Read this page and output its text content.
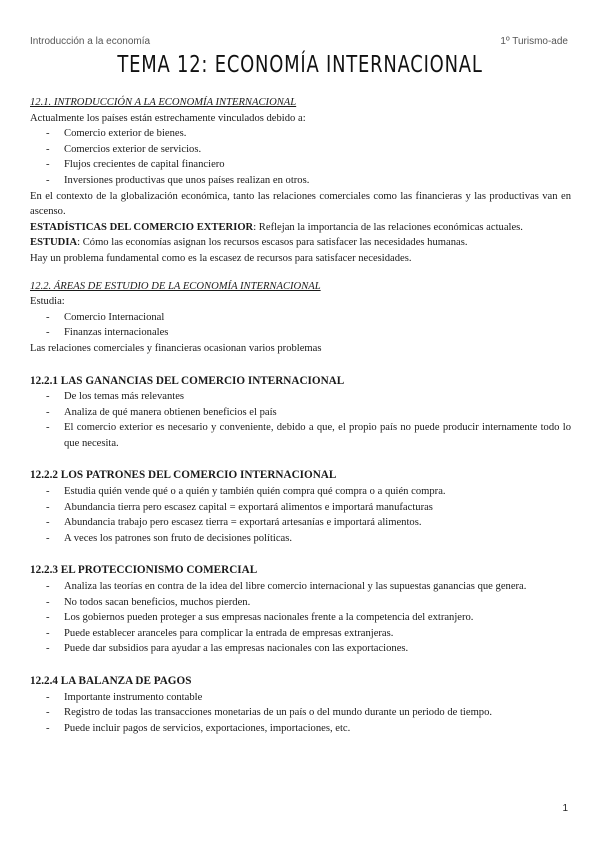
Introducción a la economía	1º Turismo-ade
TEMA 12: ECONOMÍA INTERNACIONAL

12.1. INTRODUCCIÓN A LA ECONOMÍA INTERNACIONAL

Actualmente los países están estrechamente vinculados debido a:

- Comercio exterior de bienes.
- Comercios exterior de servicios.
- Flujos crecientes de capital financiero
- Inversiones productivas que unos países realizan en otros.

En el contexto de la globalización económica, tanto las relaciones comerciales como las financieras y las productivas van en ascenso.

ESTADÍSTICAS DEL COMERCIO EXTERIOR: Reflejan la importancia de las relaciones económicas actuales.

ESTUDIA: Cómo las economías asignan los recursos escasos para satisfacer las necesidades humanas.

Hay un problema fundamental como es la escasez de recursos para satisfacer necesidades.

12.2. ÁREAS DE ESTUDIO DE LA ECONOMÍA INTERNACIONAL

Estudia:

- Comercio Internacional
- Finanzas internacionales

Las relaciones comerciales y financieras ocasionan varios problemas

12.2.1 LAS GANANCIAS DEL COMERCIO INTERNACIONAL

- De los temas más relevantes
- Analiza de qué manera obtienen beneficios el país
- El comercio exterior es necesario y conveniente, debido a que, el propio país no puede producir internamente todo lo que necesita.

12.2.2 LOS PATRONES DEL COMERCIO INTERNACIONAL

- Estudia quién vende qué o a quién y también quién compra qué compra o a quién compra.
- Abundancia tierra pero escasez capital = exportará alimentos e importará manufacturas
- Abundancia trabajo pero escasez tierra = exportará artesanías e importará alimentos.
- A veces los patrones son fruto de decisiones políticas.

12.2.3 EL PROTECCIONISMO COMERCIAL

- Analiza las teorías en contra de la idea del libre comercio internacional y las supuestas ganancias que genera.
- No todos sacan beneficios, muchos pierden.
- Los gobiernos pueden proteger a sus empresas nacionales frente a la competencia del extranjero.
- Puede establecer aranceles para complicar la entrada de empresas extranjeras.
- Puede dar subsidios para ayudar a las empresas nacionales con las exportaciones.

12.2.4 LA BALANZA DE PAGOS

- Importante instrumento contable
- Registro de todas las transacciones monetarias de un país o del mundo durante un periodo de tiempo.
- Puede incluir pagos de servicios, exportaciones, importaciones, etc.
1
